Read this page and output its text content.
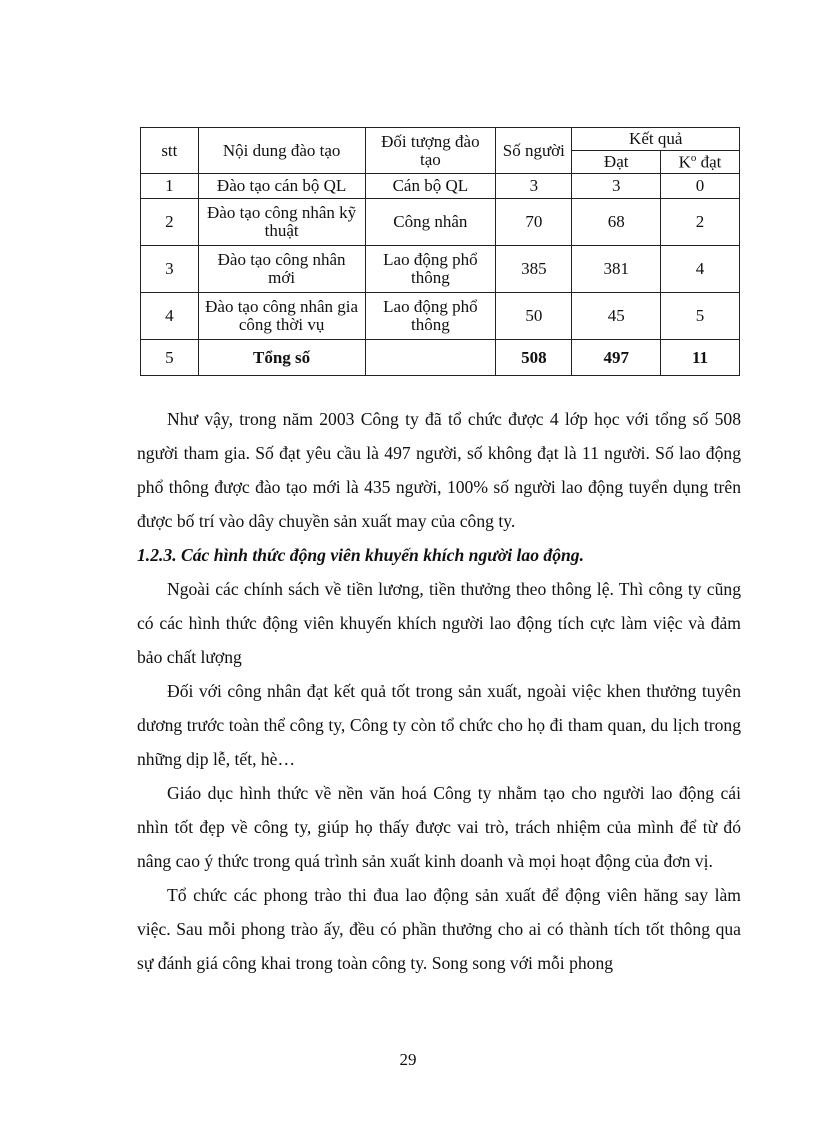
stt	Nội dung đào tạo	Đối tượng đào tạo	Số người	Kết quả	
				Đạt	$K^o$ đạt
1	Đào tạo cán bộ QL	Cán bộ QL	3	3	0
2	Đào tạo công nhân kỹ thuật	Công nhân	70	68	2
3	Đào tạo công nhân mới	Lao động phổ thông	385	381	4
4	Đào tạo công nhân gia công thời vụ	Lao động phổ thông	50	45	5
5	Tổng số		508	497	11

Như vậy, trong năm 2003 Công ty đã tổ chức được 4 lớp học với tổng số 508 người tham gia. Số đạt yêu cầu là 497 người, số không đạt là 11 người. Số lao động phổ thông được đào tạo mới là 435 người, 100% số người lao động tuyển dụng trên được bố trí vào dây chuyền sản xuất may của công ty.

1.2.3. Các hình thức động viên khuyến khích người lao động.

Ngoài các chính sách về tiền lương, tiền thưởng theo thông lệ. Thì công ty cũng có các hình thức động viên khuyến khích người lao động tích cực làm việc và đảm bảo chất lượng

Đối với công nhân đạt kết quả tốt trong sản xuất, ngoài việc khen thưởng tuyên dương trước toàn thể công ty, Công ty còn tổ chức cho họ đi tham quan, du lịch trong những dịp lễ, tết, hè…

Giáo dục hình thức về nền văn hoá Công ty nhằm tạo cho người lao động cái nhìn tốt đẹp về công ty, giúp họ thấy được vai trò, trách nhiệm của mình để từ đó nâng cao ý thức trong quá trình sản xuất kinh doanh và mọi hoạt động của đơn vị.

Tổ chức các phong trào thi đua lao động sản xuất để động viên hăng say làm việc. Sau mỗi phong trào ấy, đều có phần thưởng cho ai có thành tích tốt thông qua sự đánh giá công khai trong toàn công ty. Song song với mỗi phong

29
